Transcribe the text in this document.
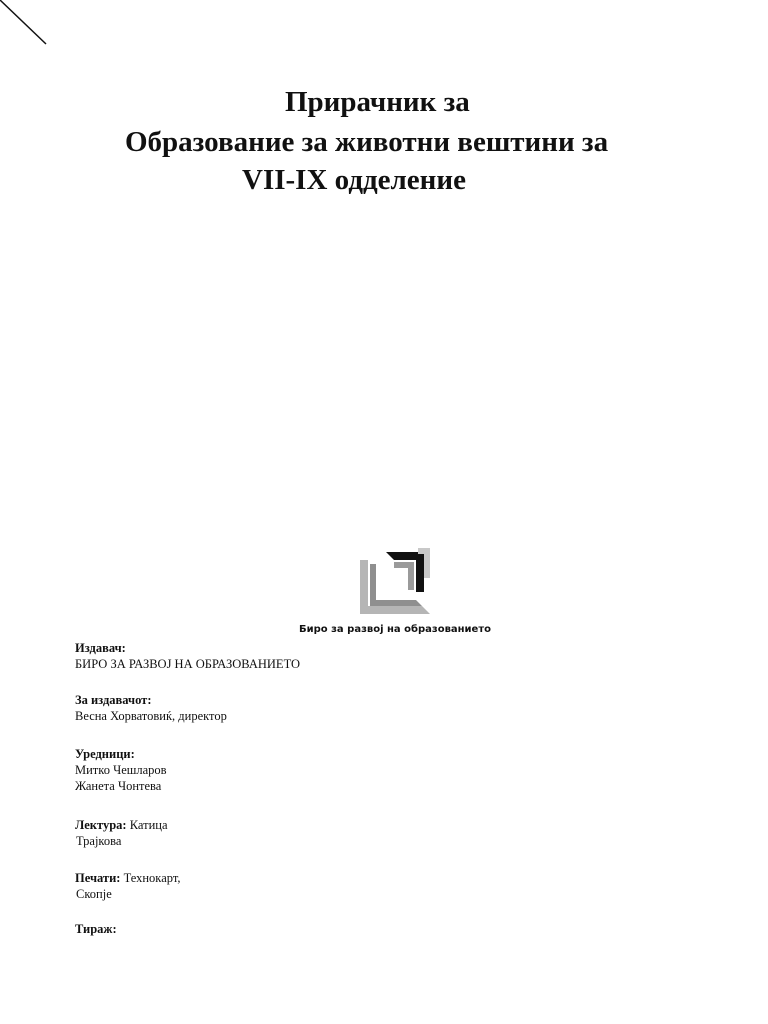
Прирачник за
Образование за животни вештини за
VII-IX одделение
Биро за развој на образованието
Издавач:
БИРО ЗА РАЗВОЈ НА ОБРАЗОВАНИЕТО
За издавачот:
Весна Хорватовиќ, директор
Уредници:
Митко Чешларов
Жанета Чонтева
Лектура: Катица
Трајкова
Печати: Технокарт,
Скопје
Тираж:
